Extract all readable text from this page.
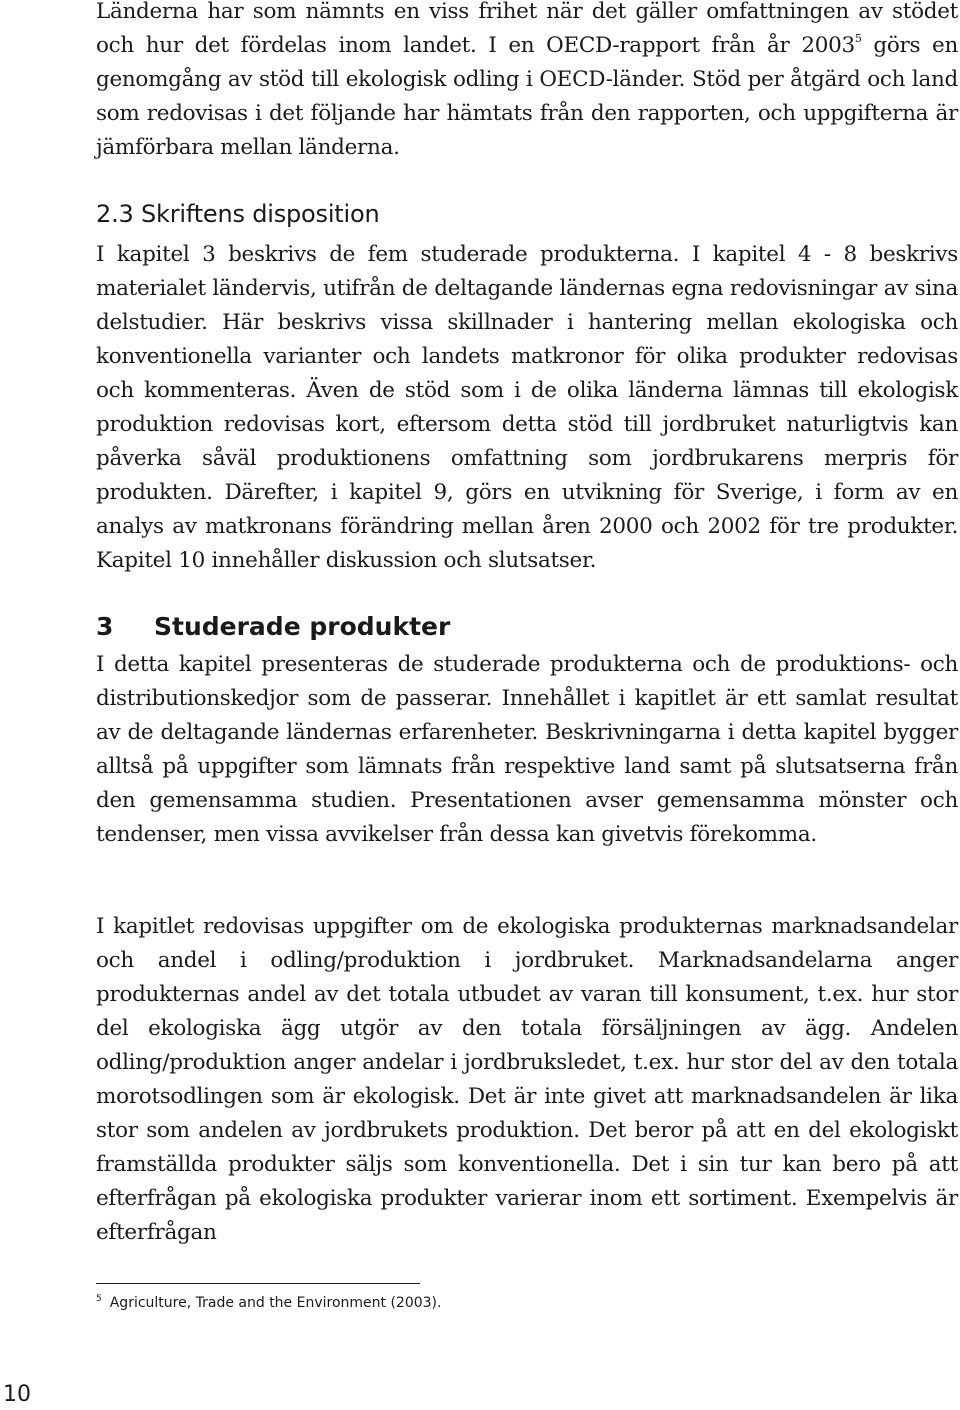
Länderna har som nämnts en viss frihet när det gäller omfattningen av stödet och hur det fördelas inom landet. I en OECD-rapport från år 2003$^5$ görs en genomgång av stöd till ekologisk odling i OECD-länder. Stöd per åtgärd och land som redovisas i det följande har hämtats från den rapporten, och uppgifterna är jämförbara mellan länderna.

2.3 Skriftens disposition

I kapitel 3 beskrivs de fem studerade produkterna. I kapitel 4 - 8 beskrivs materialet ländervis, utifrån de deltagande ländernas egna redovisningar av sina delstudier. Här beskrivs vissa skillnader i hantering mellan ekologiska och konventionella varianter och landets matkronor för olika produkter redovisas och kommenteras. Även de stöd som i de olika länderna lämnas till ekologisk produktion redovisas kort, eftersom detta stöd till jordbruket naturligtvis kan påverka såväl produktionens omfattning som jordbrukarens merpris för produkten. Därefter, i kapitel 9, görs en utvikning för Sverige, i form av en analys av matkronans förändring mellan åren 2000 och 2002 för tre produkter. Kapitel 10 innehåller diskussion och slutsatser.

3 Studerade produkter

I detta kapitel presenteras de studerade produkterna och de produktions- och distributionskedjor som de passerar. Innehållet i kapitlet är ett samlat resultat av de deltagande ländernas erfarenheter. Beskrivningarna i detta kapitel bygger alltså på uppgifter som lämnats från respektive land samt på slutsatserna från den gemensamma studien. Presentationen avser gemensamma mönster och tendenser, men vissa avvikelser från dessa kan givetvis förekomma.

I kapitlet redovisas uppgifter om de ekologiska produkternas marknadsandelar och andel i odling/produktion i jordbruket. Marknadsandelarna anger produkternas andel av det totala utbudet av varan till konsument, t.ex. hur stor del ekologiska ägg utgör av den totala försäljningen av ägg. Andelen odling/produktion anger andelar i jordbruksledet, t.ex. hur stor del av den totala morotsodlingen som är ekologisk. Det är inte givet att marknadsandelen är lika stor som andelen av jordbrukets produktion. Det beror på att en del ekologiskt framställda produkter säljs som konventionella. Det i sin tur kan bero på att efterfrågan på ekologiska produkter varierar inom ett sortiment. Exempelvis är efterfrågan

$^5$ Agriculture, Trade and the Environment (2003).
10
